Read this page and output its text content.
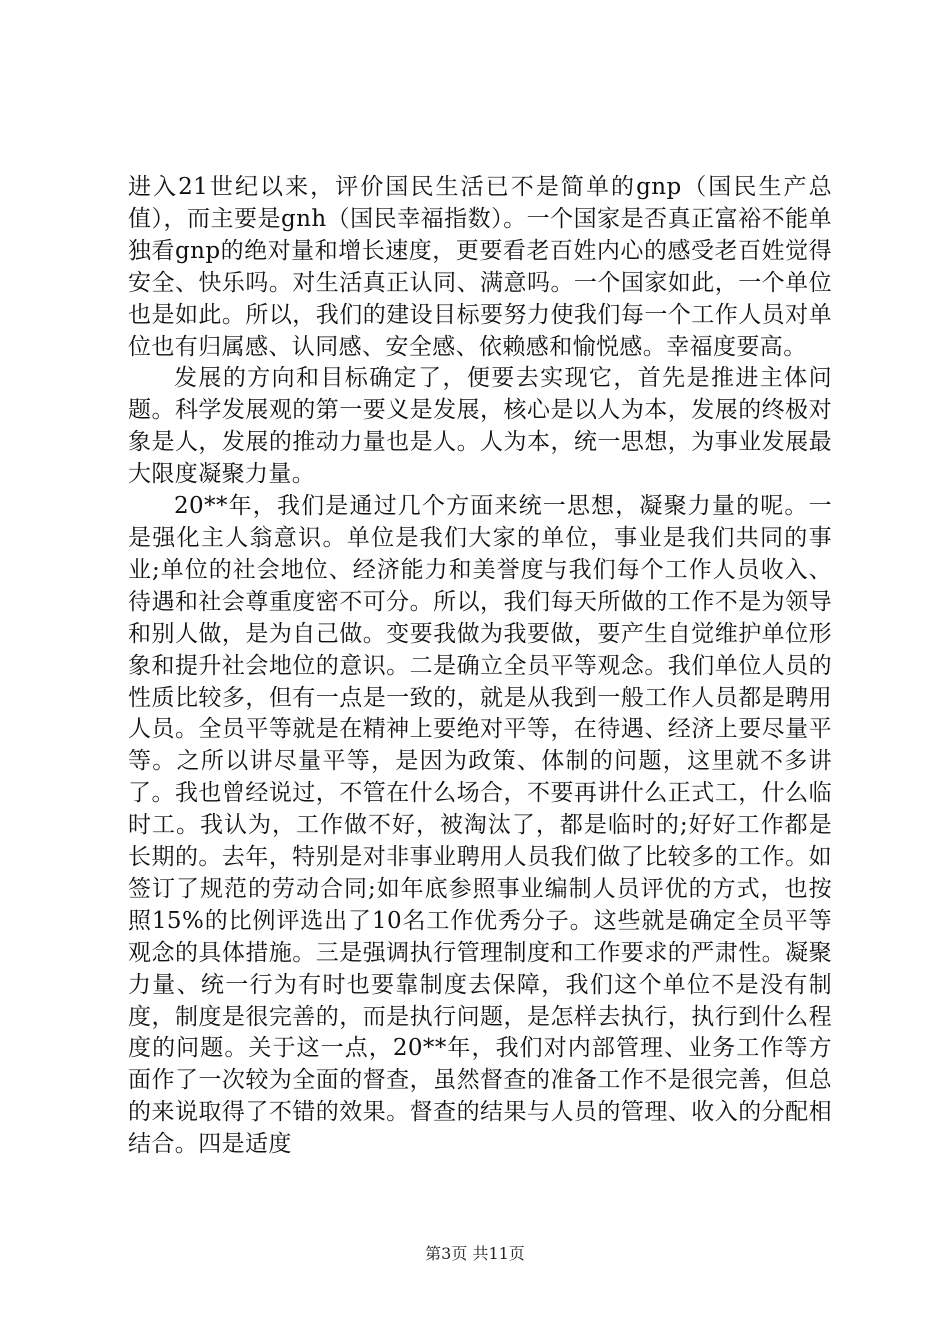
进入21世纪以来，评价国民生活已不是简单的gnp（国民生产总值），而主要是gnh（国民幸福指数）。一个国家是否真正富裕不能单独看gnp的绝对量和增长速度，更要看老百姓内心的感受老百姓觉得安全、快乐吗。对生活真正认同、满意吗。一个国家如此，一个单位也是如此。所以，我们的建设目标要努力使我们每一个工作人员对单位也有归属感、认同感、安全感、依赖感和愉悦感。幸福度要高。

发展的方向和目标确定了，便要去实现它，首先是推进主体问题。科学发展观的第一要义是发展，核心是以人为本，发展的终极对象是人，发展的推动力量也是人。人为本，统一思想，为事业发展最大限度凝聚力量。

20**年，我们是通过几个方面来统一思想，凝聚力量的呢。一是强化主人翁意识。单位是我们大家的单位，事业是我们共同的事业;单位的社会地位、经济能力和美誉度与我们每个工作人员收入、待遇和社会尊重度密不可分。所以，我们每天所做的工作不是为领导和别人做，是为自己做。变要我做为我要做，要产生自觉维护单位形象和提升社会地位的意识。二是确立全员平等观念。我们单位人员的性质比较多，但有一点是一致的，就是从我到一般工作人员都是聘用人员。全员平等就是在精神上要绝对平等，在待遇、经济上要尽量平等。之所以讲尽量平等，是因为政策、体制的问题，这里就不多讲了。我也曾经说过，不管在什么场合，不要再讲什么正式工，什么临时工。我认为，工作做不好，被淘汰了，都是临时的;好好工作都是长期的。去年，特别是对非事业聘用人员我们做了比较多的工作。如签订了规范的劳动合同;如年底参照事业编制人员评优的方式，也按照15%的比例评选出了10名工作优秀分子。这些就是确定全员平等观念的具体措施。三是强调执行管理制度和工作要求的严肃性。凝聚力量、统一行为有时也要靠制度去保障，我们这个单位不是没有制度，制度是很完善的，而是执行问题，是怎样去执行，执行到什么程度的问题。关于这一点，20**年，我们对内部管理、业务工作等方面作了一次较为全面的督查，虽然督查的准备工作不是很完善，但总的来说取得了不错的效果。督查的结果与人员的管理、收入的分配相结合。四是适度

第3页 共11页
